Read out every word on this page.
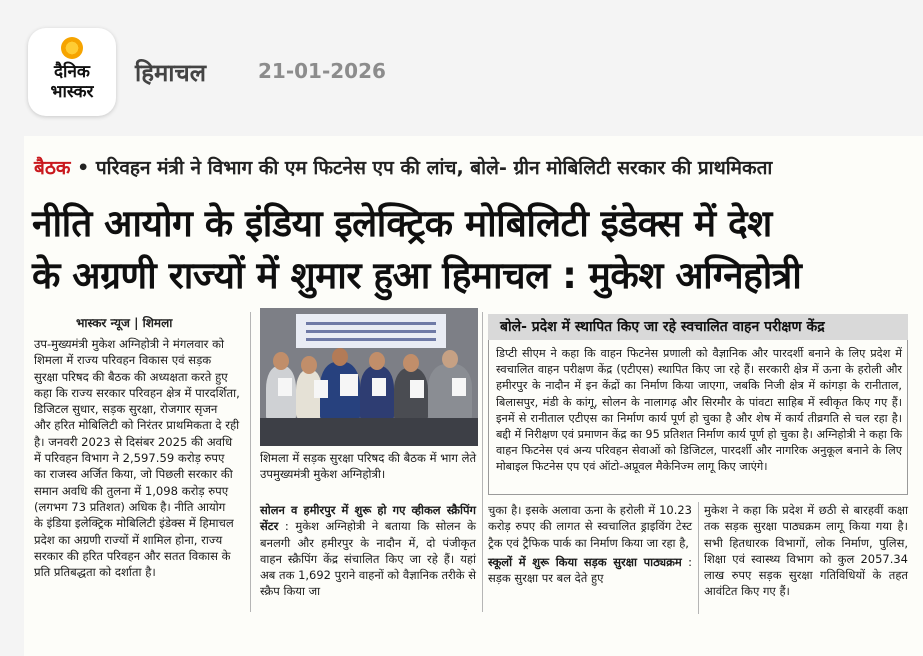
दैनिक
भास्कर
हिमाचल	21-01-2026
बैठक • परिवहन मंत्री ने विभाग की एम फिटनेस एप की लांच, बोले- ग्रीन मोबिलिटी सरकार की प्राथमिकता
नीति आयोग के इंडिया इलेक्ट्रिक मोबिलिटी इंडेक्स में देश
के अग्रणी राज्यों में शुमार हुआ हिमाचल : मुकेश अग्निहोत्री
भास्कर न्यूज | शिमला
उप-मुख्यमंत्री मुकेश अग्निहोत्री ने मंगलवार को
शिमला में राज्य परिवहन विकास एवं सड़क
सुरक्षा परिषद की बैठक की अध्यक्षता करते हुए
कहा कि राज्य सरकार परिवहन क्षेत्र में पारदर्शिता,
डिजिटल सुधार, सड़क सुरक्षा, रोजगार सृजन
और हरित मोबिलिटी को निरंतर प्राथमिकता दे रही
है। जनवरी 2023 से दिसंबर 2025 की अवधि
में परिवहन विभाग ने 2,597.59 करोड़ रुपए
का राजस्व अर्जित किया, जो पिछली सरकार की
समान अवधि की तुलना में 1,098 करोड़ रुपए
(लगभग 73 प्रतिशत) अधिक है। नीति आयोग
के इंडिया इलेक्ट्रिक मोबिलिटी इंडेक्स में हिमाचल
प्रदेश का अग्रणी राज्यों में शामिल होना, राज्य
सरकार की हरित परिवहन और सतत विकास के
प्रति प्रतिबद्धता को दर्शाता है।
शिमला में सड़क सुरक्षा परिषद की बैठक में भाग लेते उपमुख्यमंत्री मुकेश अग्निहोत्री।
बोले- प्रदेश में स्थापित किए जा रहे स्वचालित वाहन परीक्षण केंद्र
डिप्टी सीएम ने कहा कि वाहन फिटनेस प्रणाली को वैज्ञानिक और पारदर्शी बनाने के लिए प्रदेश में स्वचालित वाहन परीक्षण केंद्र (एटीएस) स्थापित किए जा रहे हैं। सरकारी क्षेत्र में ऊना के हरोली और हमीरपुर के नादौन में इन केंद्रों का निर्माण किया जाएगा, जबकि निजी क्षेत्र में कांगड़ा के रानीताल, बिलासपुर, मंडी के कांगू, सोलन के नालागढ़ और सिरमौर के पांवटा साहिब में स्वीकृत किए गए हैं। इनमें से रानीताल एटीएस का निर्माण कार्य पूर्ण हो चुका है और शेष में कार्य तीव्रगति से चल रहा है। बद्दी में निरीक्षण एवं प्रमाणन केंद्र का 95 प्रतिशत निर्माण कार्य पूर्ण हो चुका है। अग्निहोत्री ने कहा कि वाहन फिटनेस एवं अन्य परिवहन सेवाओं को डिजिटल, पारदर्शी और नागरिक अनुकूल बनाने के लिए मोबाइल फिटनेस एप एवं ऑटो-अप्रूवल मैकेनिज्म लागू किए जाएंगे।
सोलन व हमीरपुर में शुरू हो गए व्हीकल स्क्रैपिंग सेंटर : मुकेश अग्निहोत्री ने बताया कि सोलन के बनलगी और हमीरपुर के नादौन में, दो पंजीकृत वाहन स्क्रैपिंग केंद्र संचालित किए जा रहे हैं। यहां अब तक 1,692 पुराने वाहनों को वैज्ञानिक तरीके से स्क्रैप किया जा
चुका है। इसके अलावा ऊना के हरोली में 10.23 करोड़ रुपए की लागत से स्वचालित ड्राइविंग टेस्ट ट्रैक एवं ट्रैफिक पार्क का निर्माण किया जा रहा है,
स्कूलों में शुरू किया सड़क सुरक्षा पाठ्यक्रम : सड़क सुरक्षा पर बल देते हुए
मुकेश ने कहा कि प्रदेश में छठी से बारहवीं कक्षा तक सड़क सुरक्षा पाठ्यक्रम लागू किया गया है। सभी हितधारक विभागों, लोक निर्माण, पुलिस, शिक्षा एवं स्वास्थ्य विभाग को कुल 2057.34 लाख रुपए सड़क सुरक्षा गतिविधियों के तहत आवंटित किए गए हैं।
